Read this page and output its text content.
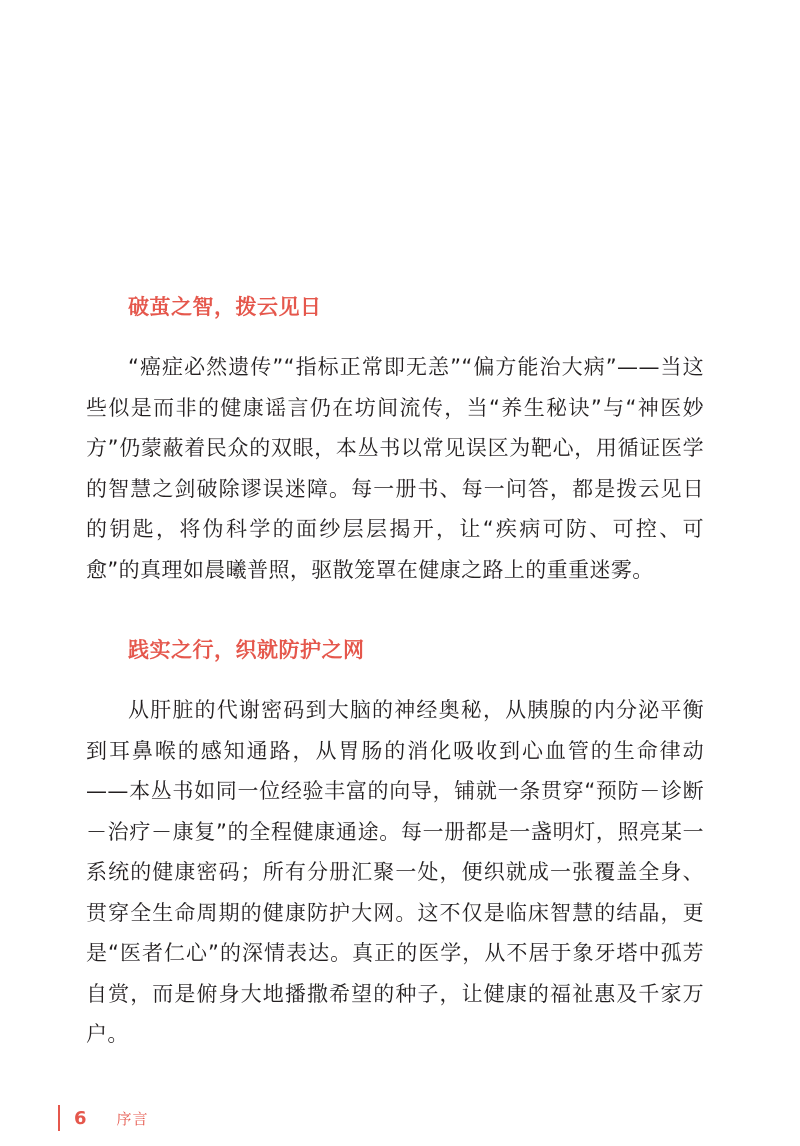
破茧之智，拨云见日

“癌症必然遗传”“指标正常即无恙”“偏方能治大病”——当这些似是而非的健康谣言仍在坊间流传，当“养生秘诀”与“神医妙方”仍蒙蔽着民众的双眼，本丛书以常见误区为靶心，用循证医学的智慧之剑破除谬误迷障。每一册书、每一问答，都是拨云见日的钥匙，将伪科学的面纱层层揭开，让“疾病可防、可控、可愈”的真理如晨曦普照，驱散笼罩在健康之路上的重重迷雾。

践实之行，织就防护之网

从肝脏的代谢密码到大脑的神经奥秘，从胰腺的内分泌平衡到耳鼻喉的感知通路，从胃肠的消化吸收到心血管的生命律动——本丛书如同一位经验丰富的向导，铺就一条贯穿“预防－诊断－治疗－康复”的全程健康通途。每一册都是一盏明灯，照亮某一系统的健康密码；所有分册汇聚一处，便织就成一张覆盖全身、贯穿全生命周期的健康防护大网。这不仅是临床智慧的结晶，更是“医者仁心”的深情表达。真正的医学，从不居于象牙塔中孤芳自赏，而是俯身大地播撒希望的种子，让健康的福祉惠及千家万户。

6 序言
